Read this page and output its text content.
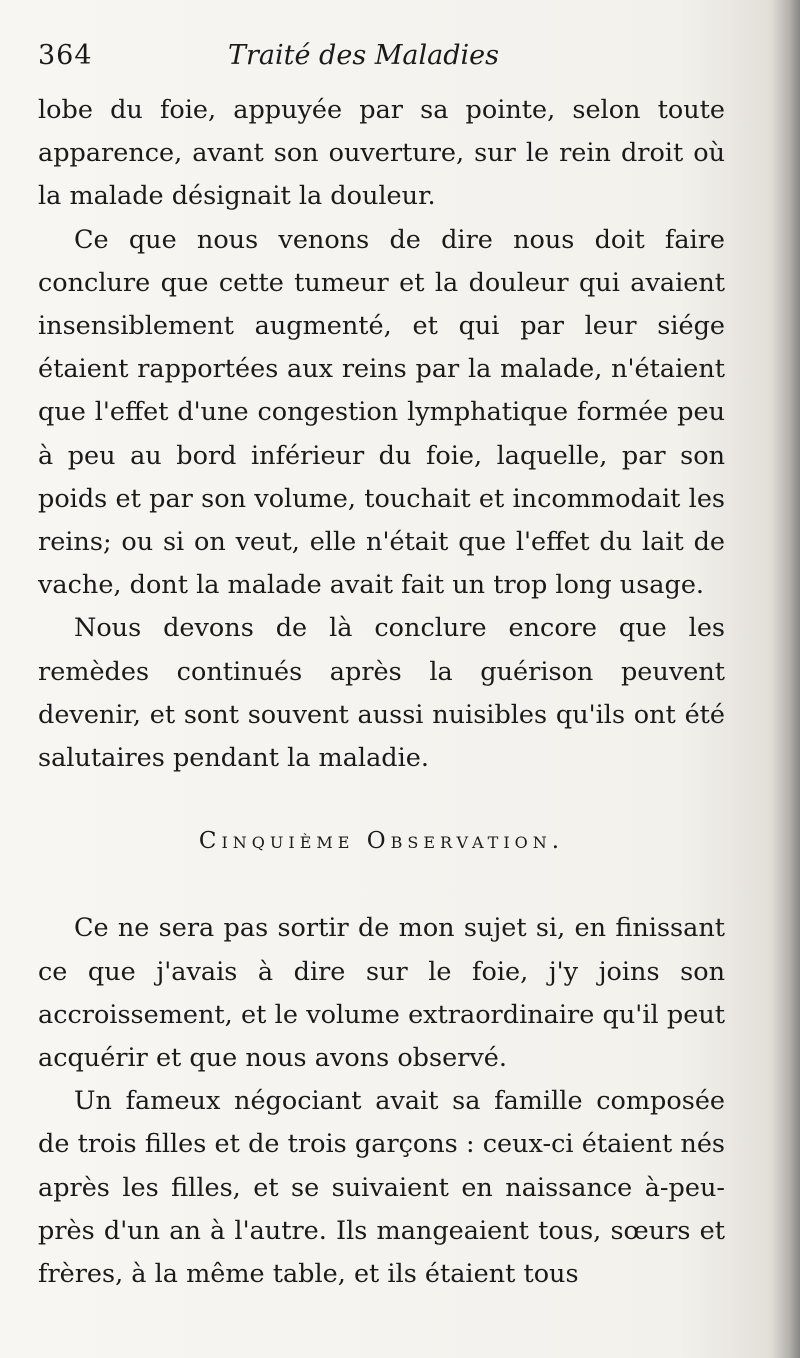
364	Traité des Maladies

lobe du foie, appuyée par sa pointe, selon toute apparence, avant son ouverture, sur le rein droit où la malade désignait la douleur.

Ce que nous venons de dire nous doit faire conclure que cette tumeur et la douleur qui avaient insensiblement augmenté, et qui par leur siége étaient rapportées aux reins par la malade, n'étaient que l'effet d'une congestion lymphatique formée peu à peu au bord inférieur du foie, laquelle, par son poids et par son volume, touchait et incommodait les reins; ou si on veut, elle n'était que l'effet du lait de vache, dont la malade avait fait un trop long usage.

Nous devons de là conclure encore que les remèdes continués après la guérison peuvent devenir, et sont souvent aussi nuisibles qu'ils ont été salutaires pendant la maladie.

Cinquième Observation.

Ce ne sera pas sortir de mon sujet si, en finissant ce que j'avais à dire sur le foie, j'y joins son accroissement, et le volume extraordinaire qu'il peut acquérir et que nous avons observé.

Un fameux négociant avait sa famille composée de trois filles et de trois garçons : ceux-ci étaient nés après les filles, et se suivaient en naissance à-peu-près d'un an à l'autre. Ils mangeaient tous, sœurs et frères, à la même table, et ils étaient tous
